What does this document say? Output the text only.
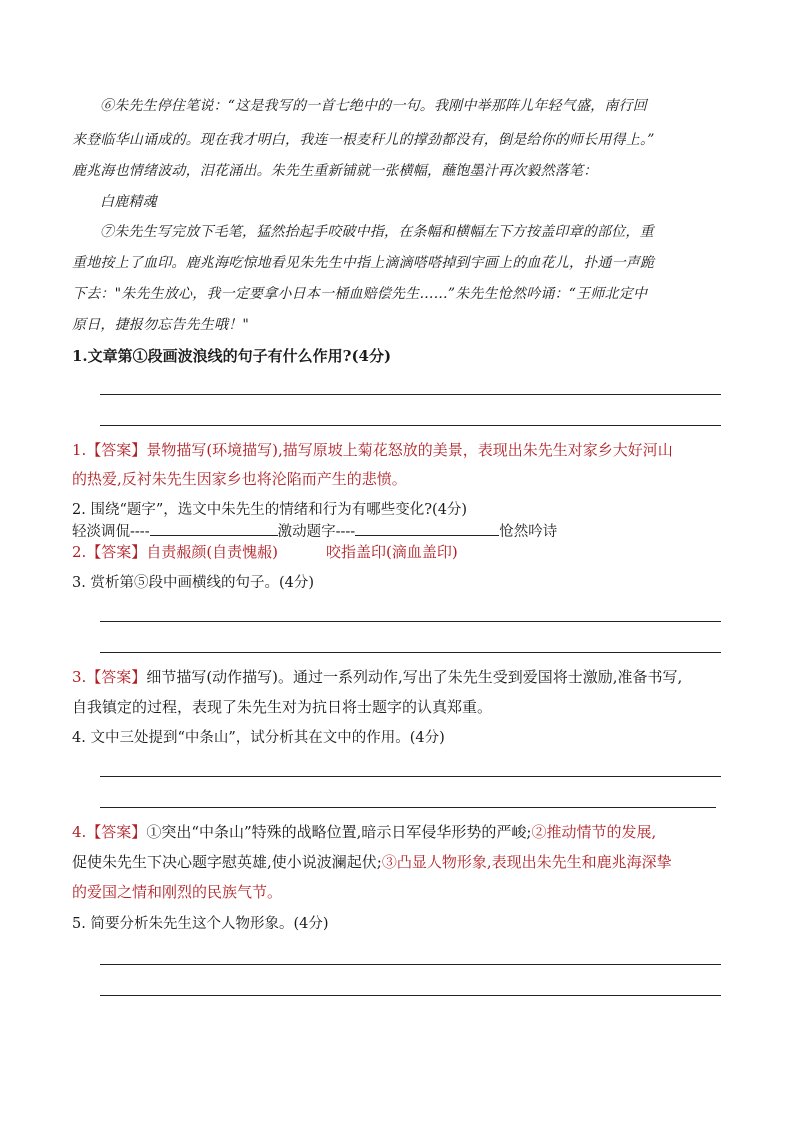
⑥朱先生停住笔说：“这是我写的一首七绝中的一句。我刚中举那阵儿年轻气盛，南行回
来登临华山诵成的。现在我才明白，我连一根麦秆儿的撑劲都没有，倒是给你的师长用得上。”
鹿兆海也情绪波动，泪花涌出。朱先生重新铺就一张横幅，蘸饱墨汁再次毅然落笔：
白鹿精魂
⑦朱先生写完放下毛笔，猛然抬起手咬破中指，在条幅和横幅左下方按盖印章的部位，重
重地按上了血印。鹿兆海吃惊地看见朱先生中指上滴滴嗒嗒掉到宇画上的血花儿，扑通一声跪
下去："朱先生放心，我一定要拿小日本一桶血赔偿先生……”朱先生怆然吟诵：“王师北定中
原日，捷报勿忘告先生哦！"
1.文章第①段画波浪线的句子有什么作用?(4分)
1.【答案】景物描写(环境描写),描写原坡上菊花怒放的美景，表现出朱先生对家乡大好河山
的热爱,反衬朱先生因家乡也将沦陷而产生的悲愤。
2. 围绕“题字”，选文中朱先生的情绪和行为有哪些变化?(4分)
轻淡调侃----	激动题字----	怆然吟诗
2.【答案】自责赧颜(自责愧赧)	咬指盖印(滴血盖印)
3. 赏析第⑤段中画横线的句子。(4分)
3.【答案】细节描写(动作描写)。通过一系列动作,写出了朱先生受到爱国将士激励,准备书写,
自我镇定的过程，表现了朱先生对为抗日将士题字的认真郑重。
4. 文中三处提到“中条山”，试分析其在文中的作用。(4分)
4.【答案】①突出“中条山”特殊的战略位置,暗示日军侵华形势的严峻;②推动情节的发展,
促使朱先生下决心题字慰英雄,使小说波澜起伏;③凸显人物形象,表现出朱先生和鹿兆海深挚
的爱国之情和刚烈的民族气节。
5. 简要分析朱先生这个人物形象。(4分)
